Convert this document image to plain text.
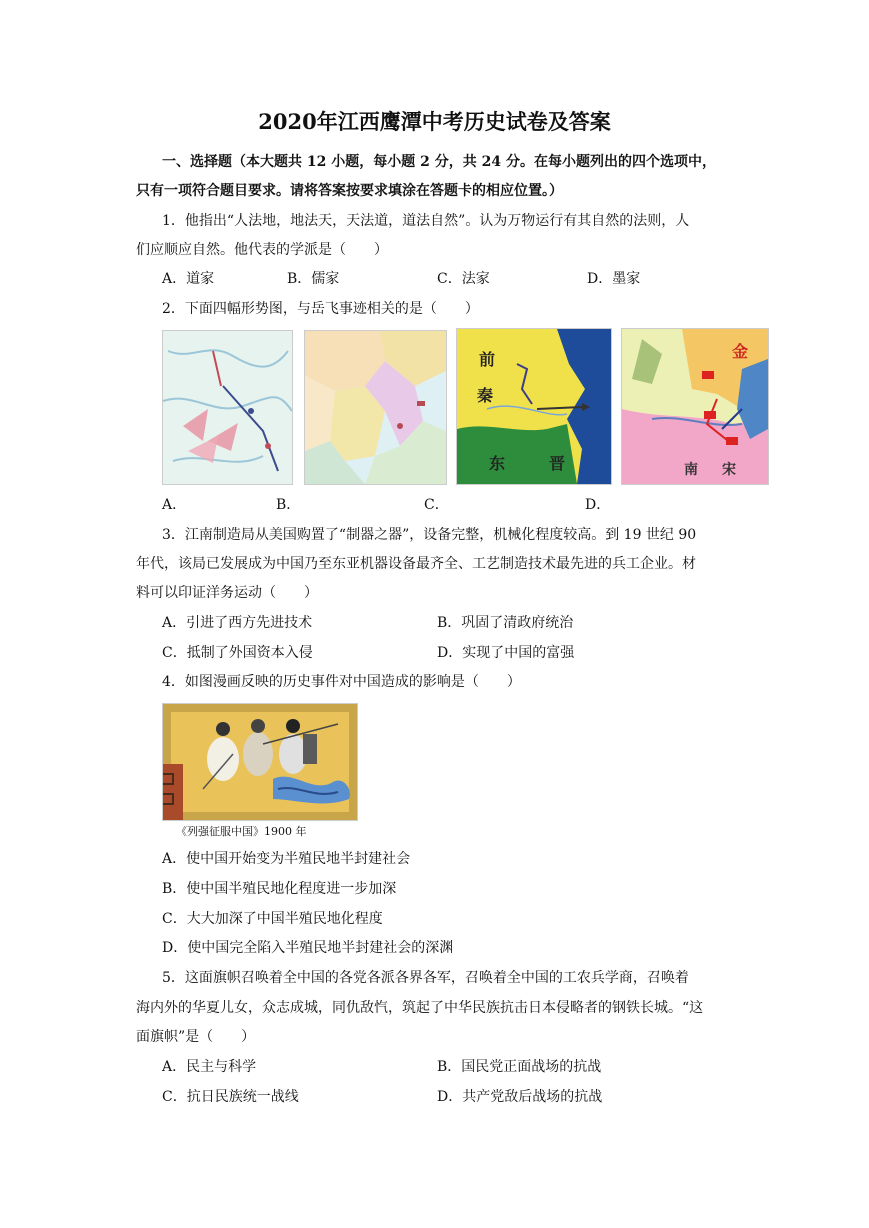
2020年江西鹰潭中考历史试卷及答案
一、选择题（本大题共 12 小题，每小题 2 分，共 24 分。在每小题列出的四个选项中，
只有一项符合题目要求。请将答案按要求填涂在答题卡的相应位置。）
1．他指出“人法地，地法天，天法道，道法自然”。认为万物运行有其自然的法则，人
们应顺应自然。他代表的学派是（　　）
A．道家	B．儒家	C．法家	D．墨家
2．下面四幅形势图，与岳飞事迹相关的是（　　）
前
秦
东	晋
金
南 宋
A．	B．	C．	D．
3．江南制造局从美国购置了“制器之器”，设备完整，机械化程度较高。到 19 世纪 90
年代，该局已发展成为中国乃至东亚机器设备最齐全、工艺制造技术最先进的兵工企业。材
料可以印证洋务运动（　　）
A．引进了西方先进技术	B．巩固了清政府统治
C．抵制了外国资本入侵	D．实现了中国的富强
4．如图漫画反映的历史事件对中国造成的影响是（　　）
《列强征服中国》1900 年
A．使中国开始变为半殖民地半封建社会
B．使中国半殖民地化程度进一步加深
C．大大加深了中国半殖民地化程度
D．使中国完全陷入半殖民地半封建社会的深渊
5．这面旗帜召唤着全中国的各党各派各界各军，召唤着全中国的工农兵学商，召唤着
海内外的华夏儿女，众志成城，同仇敌忾，筑起了中华民族抗击日本侵略者的钢铁长城。“这
面旗帜”是（　　）
A．民主与科学	B．国民党正面战场的抗战
C．抗日民族统一战线	D．共产党敌后战场的抗战
